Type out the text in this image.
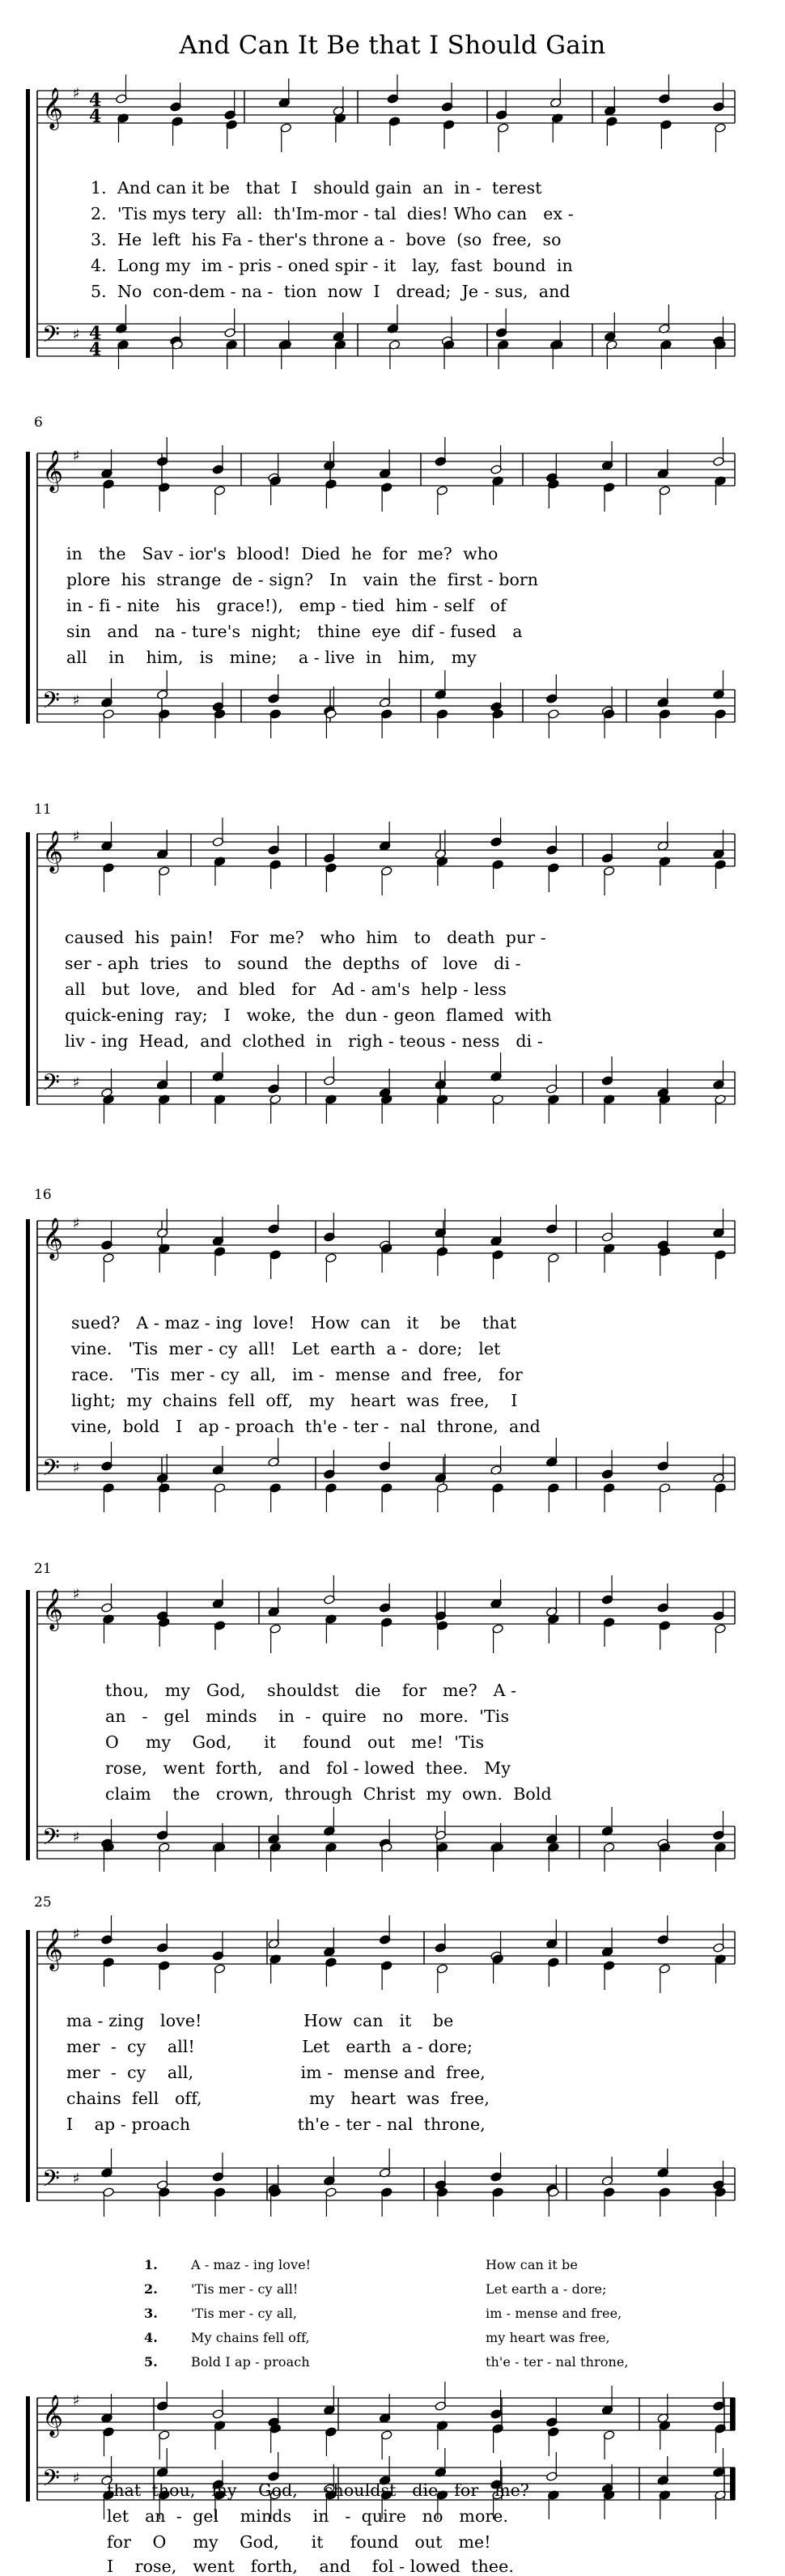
And Can It Be that I Should Gain
𝄞
𝄢
♯
♯
4
4
4
4
𝄞
𝄢
♯
♯
𝄞
𝄢
♯
♯
𝄞
𝄢
♯
♯
𝄞
𝄢
♯
♯
𝄞
𝄢
♯
♯
𝄞
𝄢
♯
♯
6
11
16
21
25
1.  And can it be   that  I   should gain  an  in -  terest
2.  'Tis mys tery  all:  th'Im-mor - tal  dies! Who can   ex -
3.  He  left  his Fa - ther's throne a -  bove  (so  free,  so
4.  Long my  im - pris - oned spir - it   lay,  fast  bound  in
5.  No  con-dem - na -  tion  now  I   dread;  Je - sus,  and
in   the   Sav - ior's  blood!  Died  he  for  me?  who
plore  his  strange  de - sign?   In   vain  the  first - born
in - fi - nite   his   grace!),   emp - tied  him - self   of
sin   and   na - ture's  night;   thine  eye  dif - fused   a
all    in    him,   is   mine;    a - live  in   him,   my
caused  his  pain!   For  me?   who  him   to   death  pur -
ser - aph  tries   to   sound   the  depths  of   love   di -
all   but  love,   and  bled   for   Ad - am's  help - less
quick-ening  ray;   I   woke,  the  dun - geon  flamed  with
liv - ing  Head,  and  clothed  in   righ - teous - ness   di -
sued?   A - maz - ing  love!   How  can   it    be    that
vine.   'Tis  mer - cy  all!   Let  earth  a -  dore;   let
race.   'Tis  mer - cy  all,   im -  mense  and  free,   for
light;  my  chains  fell  off,   my   heart  was  free,    I
vine,  bold   I   ap - proach  th'e - ter -  nal  throne,  and
thou,   my   God,    shouldst   die    for   me?   A -
an   -   gel   minds    in  -  quire   no   more.  'Tis
O     my    God,      it     found   out   me!  'Tis
rose,   went  forth,   and   fol - lowed  thee.   My
claim    the   crown,  through  Christ  my  own.  Bold
ma - zing   love!                   How  can   it    be
mer  -  cy    all!                    Let   earth  a - dore;
mer  -  cy    all,                    im -  mense and  free,
chains  fell   off,                    my   heart  was  free,
I    ap - proach                    th'e - ter - nal  throne,
1.	A - maz - ing love!	How can it be
2.	'Tis mer - cy all!	Let earth a - dore;
3.	'Tis mer - cy all,	im - mense and free,
4.	My chains fell off,	my heart was free,
5.	Bold I ap - proach	th'e - ter - nal throne,
that  thou,   my    God,     shouldst   die   for   me?
let   an  -  gel    minds    in   -  quire   no   more.
for    O     my    God,      it     found   out   me!
I    rose,   went   forth,    and    fol - lowed  thee.
